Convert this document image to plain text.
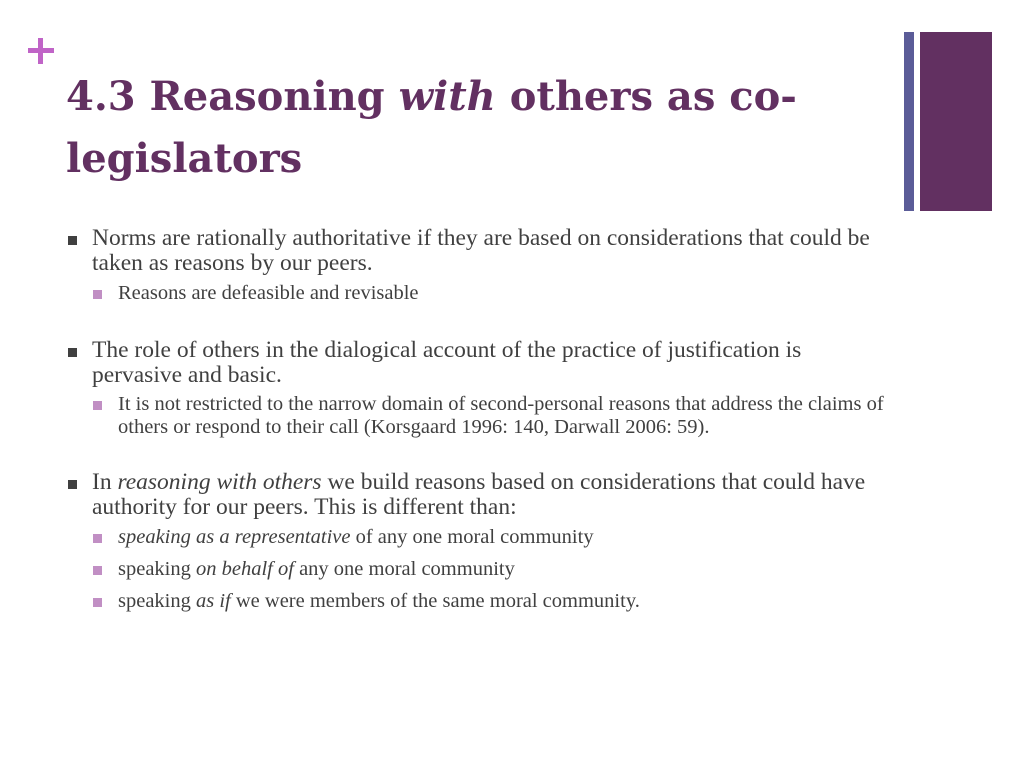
4.3 Reasoning with others as co-legislators
Norms are rationally authoritative if they are based on considerations that could be taken as reasons by our peers.
Reasons are defeasible and revisable
The role of others in the dialogical account of the practice of justification is pervasive and basic.
It is not restricted to the narrow domain of second-personal reasons that address the claims of others or respond to their call (Korsgaard 1996: 140, Darwall 2006: 59).
In reasoning with others we build reasons based on considerations that could have authority for our peers. This is different than:
speaking as a representative of any one moral community
speaking on behalf of any one moral community
speaking as if we were members of the same moral community.
